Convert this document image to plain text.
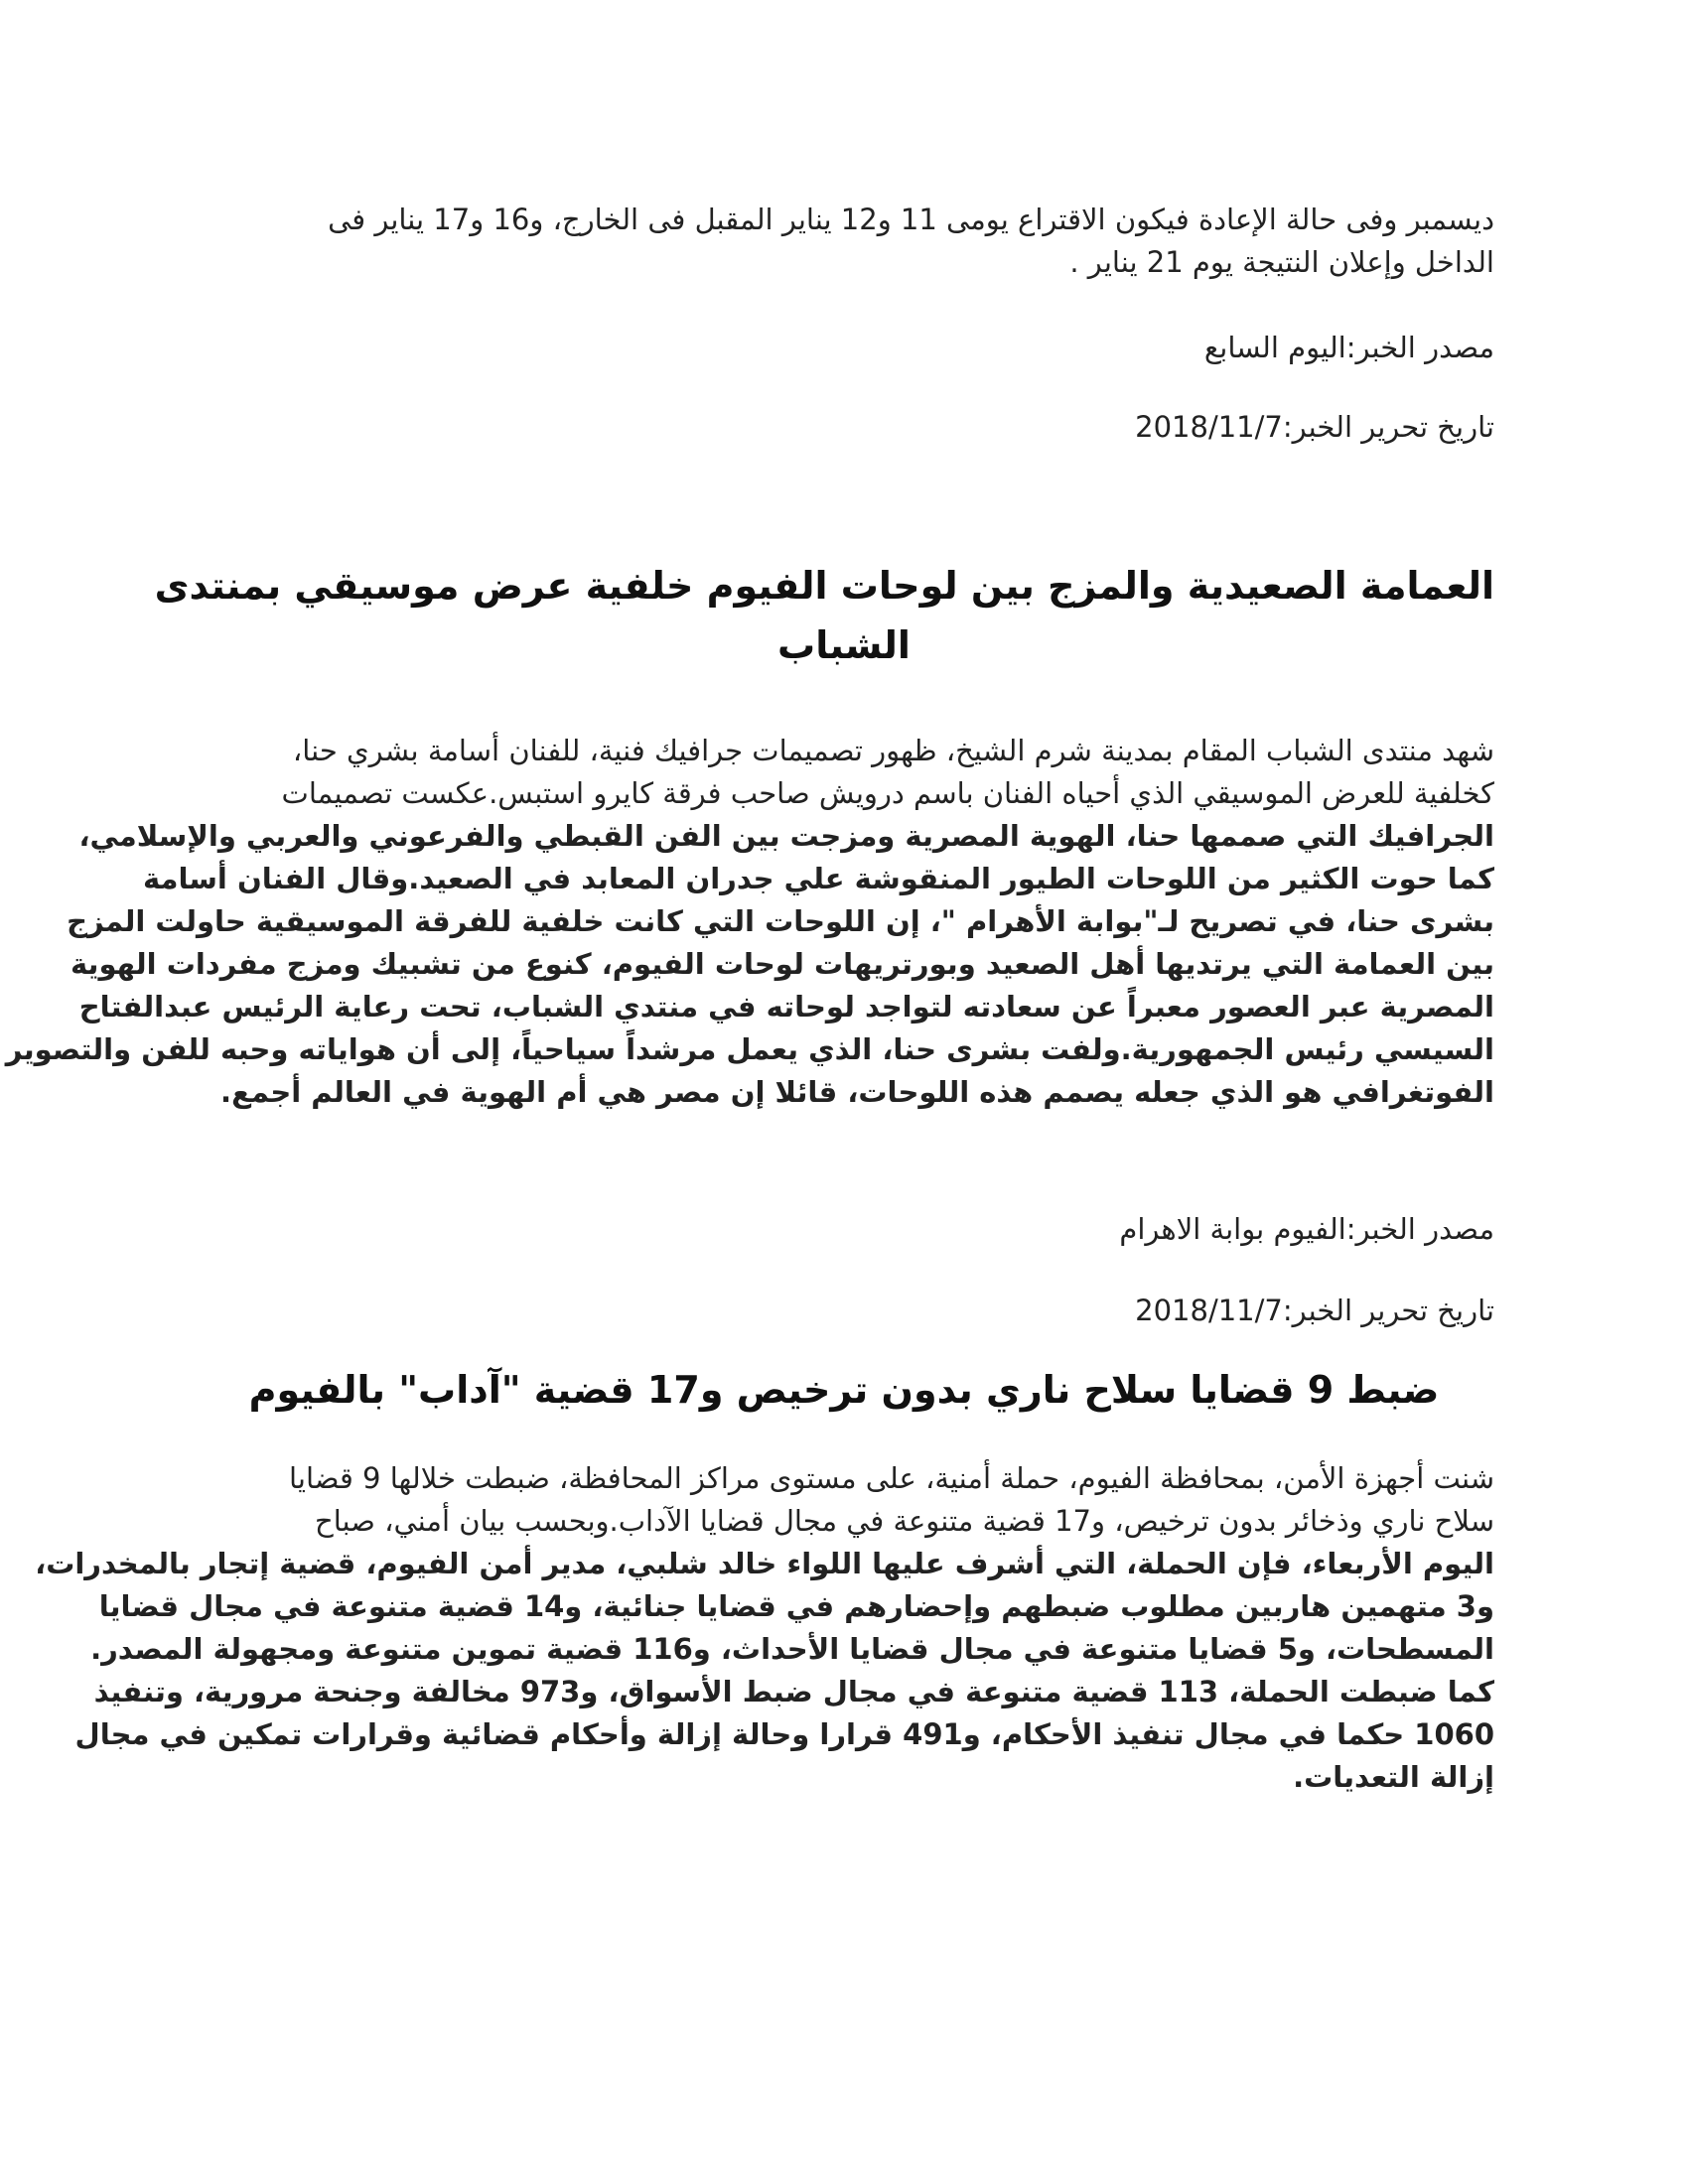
ديسمبر وفى حالة الإعادة فيكون الاقتراع يومى 11 و12 يناير المقبل فى الخارج، و16 و17 يناير فى
الداخل وإعلان النتيجة يوم 21 يناير .
مصدر الخبر:اليوم السابع
تاريخ تحرير الخبر:2018/11/7
العمامة الصعيدية والمزج بين لوحات الفيوم خلفية عرض موسيقي بمنتدى
الشباب
شهد منتدى الشباب المقام بمدينة شرم الشيخ، ظهور تصميمات جرافيك فنية، للفنان أسامة بشري حنا،
كخلفية للعرض الموسيقي الذي أحياه الفنان باسم درويش صاحب فرقة كايرو استبس.عكست تصميمات
الجرافيك التي صممها حنا، الهوية المصرية ومزجت بين الفن القبطي والفرعوني والعربي والإسلامي،
كما حوت الكثير من اللوحات الطيور المنقوشة علي جدران المعابد في الصعيد.وقال الفنان أسامة
بشرى حنا، في تصريح لـ"بوابة الأهرام "، إن اللوحات التي كانت خلفية للفرقة الموسيقية حاولت المزج
بين العمامة التي يرتديها أهل الصعيد وبورتريهات لوحات الفيوم، كنوع من تشبيك ومزج مفردات الهوية
المصرية عبر العصور معبراً عن سعادته لتواجد لوحاته في منتدي الشباب، تحت رعاية الرئيس عبدالفتاح
السيسي رئيس الجمهورية.ولفت بشرى حنا، الذي يعمل مرشداً سياحياً، إلى أن هواياته وحبه للفن والتصوير
الفوتغرافي هو الذي جعله يصمم هذه اللوحات، قائلا إن مصر هي أم الهوية في العالم أجمع.
مصدر الخبر:الفيوم بوابة الاهرام
تاريخ تحرير الخبر:2018/11/7
ضبط 9 قضايا سلاح ناري بدون ترخيص و17 قضية "آداب" بالفيوم
شنت أجهزة الأمن، بمحافظة الفيوم، حملة أمنية، على مستوى مراكز المحافظة، ضبطت خلالها 9 قضايا
سلاح ناري وذخائر بدون ترخيص، و17 قضية متنوعة في مجال قضايا الآداب.وبحسب بيان أمني، صباح
اليوم الأربعاء، فإن الحملة، التي أشرف عليها اللواء خالد شلبي، مدير أمن الفيوم، قضية إتجار بالمخدرات،
و3 متهمين هاربين مطلوب ضبطهم وإحضارهم في قضايا جنائية، و14 قضية متنوعة في مجال قضايا
المسطحات، و5 قضايا متنوعة في مجال قضايا الأحداث، و116 قضية تموين متنوعة ومجهولة المصدر.
كما ضبطت الحملة، 113 قضية متنوعة في مجال ضبط الأسواق، و973 مخالفة وجنحة مرورية، وتنفيذ
1060 حكما في مجال تنفيذ الأحكام، و491 قرارا وحالة إزالة وأحكام قضائية وقرارات تمكين في مجال
إزالة التعديات.
